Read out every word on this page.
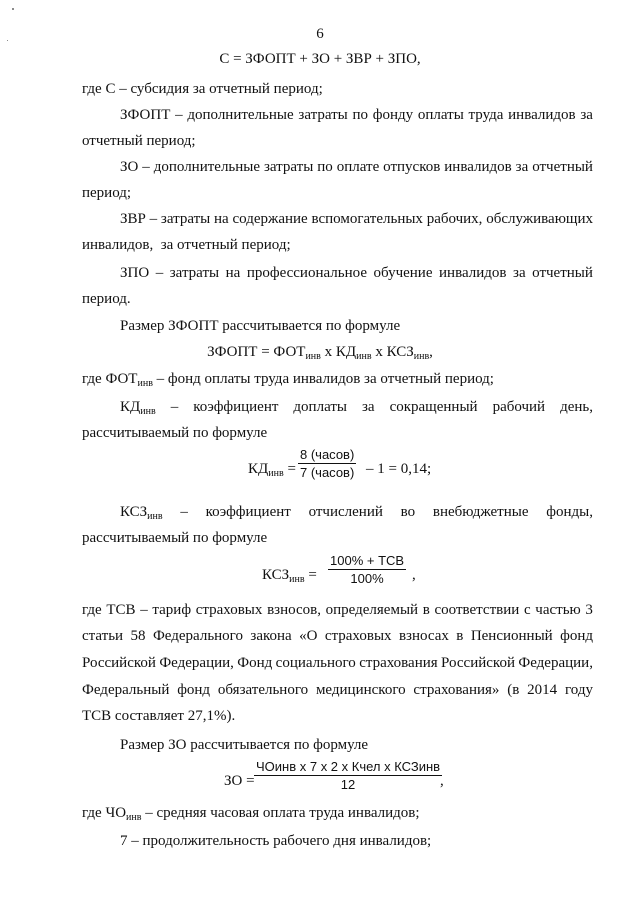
6
С = ЗФОПТ + ЗО + ЗВР + ЗПО,
где С – субсидия за отчетный период;
ЗФОПТ – дополнительные затраты по фонду оплаты труда инвалидов за
отчетный период;
ЗО – дополнительные затраты по оплате отпусков инвалидов за отчетный
период;
ЗВР – затраты на содержание вспомогательных рабочих, обслуживающих
инвалидов,  за отчетный период;
ЗПО – затраты на профессиональное обучение инвалидов за отчетный
период.
Размер ЗФОПТ рассчитывается по формуле
ЗФОПТ = $ФОТ_{инв}$ х $КД_{инв}$ х $КСЗ_{инв}$,
где $ФОТ_{инв}$ – фонд оплаты труда инвалидов за отчетный период;
$КД_{инв}$ – коэффициент доплаты за сокращенный рабочий день,
рассчитываемый по формуле
$КД_{инв}$ =
8 (часов)
7 (часов) – 1 = 0,14;
$КСЗ_{инв}$ – коэффициент отчислений во внебюджетные фонды,
рассчитываемый по формуле
$КСЗ_{инв}$ =
100% + ТСВ
100% ,
где ТСВ – тариф страховых взносов, определяемый в соответствии с частью 3
статьи 58 Федерального закона «О страховых взносах в Пенсионный фонд
Российской Федерации, Фонд социального страхования Российской Федерации,
Федеральный фонд обязательного медицинского страхования» (в 2014 году
ТСВ составляет 27,1%).
Размер ЗО рассчитывается по формуле
ЗО =
ЧОинв х 7 х 2 х Кчел х КСЗинв
12	,
где $ЧО_{инв}$ – средняя часовая оплата труда инвалидов;
7 – продолжительность рабочего дня инвалидов;
